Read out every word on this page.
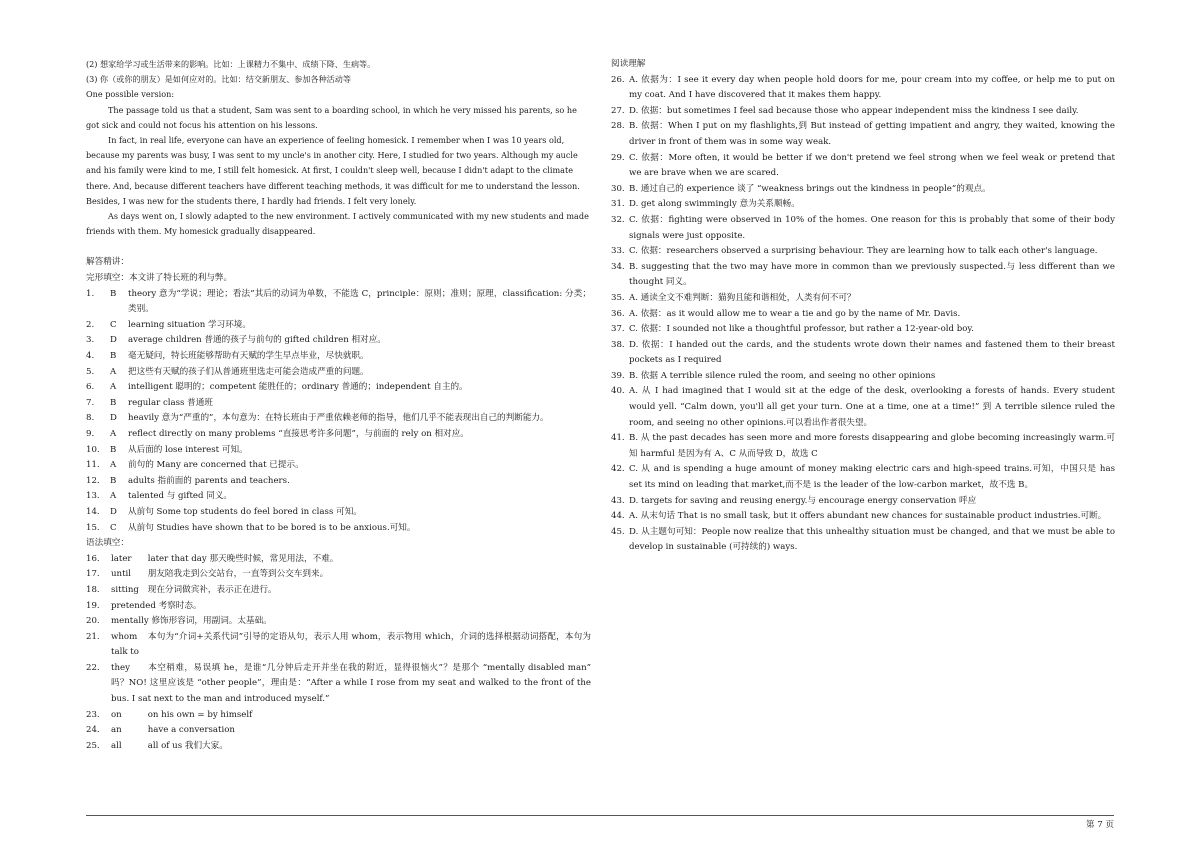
(2) 想家给学习或生活带来的影响。比如：上课精力不集中、成绩下降、生病等。

(3) 你（或你的朋友）是如何应对的。比如：结交新朋友、参加各种活动等

One possible version:

The passage told us that a student, Sam was sent to a boarding school, in which he very missed his parents, so he got sick and could not focus his attention on his lessons.

In fact, in real life, everyone can have an experience of feeling homesick. I remember when I was 10 years old, because my parents was busy, I was sent to my uncle's in another city. Here, I studied for two years. Although my aucle and his family were kind to me, I still felt homesick. At first, I couldn't sleep well, because I didn't adapt to the climate there. And, because different teachers have different teaching methods, it was difficult for me to understand the lesson. Besides, I was new for the students there, I hardly had friends. I felt very lonely.

As days went on, I slowly adapted to the new environment. I actively communicated with my new students and made friends with them. My homesick gradually disappeared.

解答精讲：

完形填空：本文讲了特长班的利与弊。

1.	B	theory 意为“学说；理论；看法”其后的动词为单数，不能选 C，principle：原则；准则；原理，classification: 分类；类别。
2.	C	learning situation 学习环境。
3.	D	average children 普通的孩子与前句的 gifted children 相对应。
4.	B	毫无疑问，特长班能够帮助有天赋的学生早点毕业，尽快就职。
5.	A	把这些有天赋的孩子们从普通班里选走可能会造成严重的问题。
6.	A	intelligent 聪明的；competent 能胜任的；ordinary 普通的；independent 自主的。
7.	B	regular class 普通班
8.	D	heavily 意为“严重的”，本句意为：在特长班由于严重依赖老师的指导，他们几乎不能表现出自己的判断能力。
9.	A	reflect directly on many problems “直接思考许多问题”，与前面的 rely on 相对应。
10.	B	从后面的 lose interest 可知。
11.	A	前句的 Many are concerned that 已提示。
12.	B	adults 指前面的 parents and teachers.
13.	A	talented 与 gifted 同义。
14.	D	从前句 Some top students do feel bored in class 可知。
15.	C	从前句 Studies have shown that to be bored is to be anxious.可知。

语法填空：

16.	later later that day 那天晚些时候，常见用法，不难。
17.	until 朋友陪我走到公交站台，一直等到公交车到来。
18.	sitting 现在分词做宾补，表示正在进行。
19.	pretended 考察时态。
20.	mentally 修饰形容词，用副词。太基础。
21.	whom 本句为“介词+关系代词”引导的定语从句，表示人用 whom，表示物用 which，介词的选择根据动词搭配，本句为 talk to
22.	they 本空稍难，易误填 he，是谁“几分钟后走开并坐在我的附近，显得很恼火”？是那个 “mentally disabled man” 吗？NO! 这里应该是 “other people”，理由是：“After a while I rose from my seat and walked to the front of the bus. I sat next to the man and introduced myself.”
23.	on	on his own = by himself
24.	an	have a conversation
25.	all	all of us 我们大家。

阅读理解

26. A. 依据为：I see it every day when people hold doors for me, pour cream into my coffee, or help me to put on my coat. And I have discovered that it makes them happy.
27. D. 依据：but sometimes I feel sad because those who appear independent miss the kindness I see daily.
28. B. 依据：When I put on my flashlights,到 But instead of getting impatient and angry, they waited, knowing the driver in front of them was in some way weak.
29. C. 依据：More often, it would be better if we don't pretend we feel strong when we feel weak or pretend that we are brave when we are scared.
30. B. 通过自己的 experience 谈了 “weakness brings out the kindness in people”的观点。
31. D. get along swimmingly 意为关系顺畅。
32. C. 依据：fighting were observed in 10% of the homes. One reason for this is probably that some of their body signals were just opposite.
33. C. 依据：researchers observed a surprising behaviour. They are learning how to talk each other's language.
34. B. suggesting that the two may have more in common than we previously suspected.与 less different than we thought 同义。
35. A. 通读全文不难判断：猫狗且能和谐相处，人类有何不可？
36. A. 依据：as it would allow me to wear a tie and go by the name of Mr. Davis.
37. C. 依据：I sounded not like a thoughtful professor, but rather a 12-year-old boy.
38. D. 依据：I handed out the cards, and the students wrote down their names and fastened them to their breast pockets as I required
39. B. 依据 A terrible silence ruled the room, and seeing no other opinions
40. A. 从 I had imagined that I would sit at the edge of the desk, overlooking a forests of hands. Every student would yell. “Calm down, you'll all get your turn. One at a time, one at a time!” 到 A terrible silence ruled the room, and seeing no other opinions.可以看出作者很失望。
41. B. 从 the past decades has seen more and more forests disappearing and globe becoming increasingly warm.可知 harmful 是因为有 A、C 从而导致 D，故选 C
42. C. 从 and is spending a huge amount of money making electric cars and high-speed trains.可知，中国只是 has set its mind on leading that market,而不是 is the leader of the low-carbon market，故不选 B。
43. D. targets for saving and reusing energy.与 encourage energy conservation 呼应
44. A. 从末句话 That is no small task, but it offers abundant new chances for sustainable product industries.可断。
45. D. 从主题句可知：People now realize that this unhealthy situation must be changed, and that we must be able to develop in sustainable (可持续的) ways.
第 7 页
